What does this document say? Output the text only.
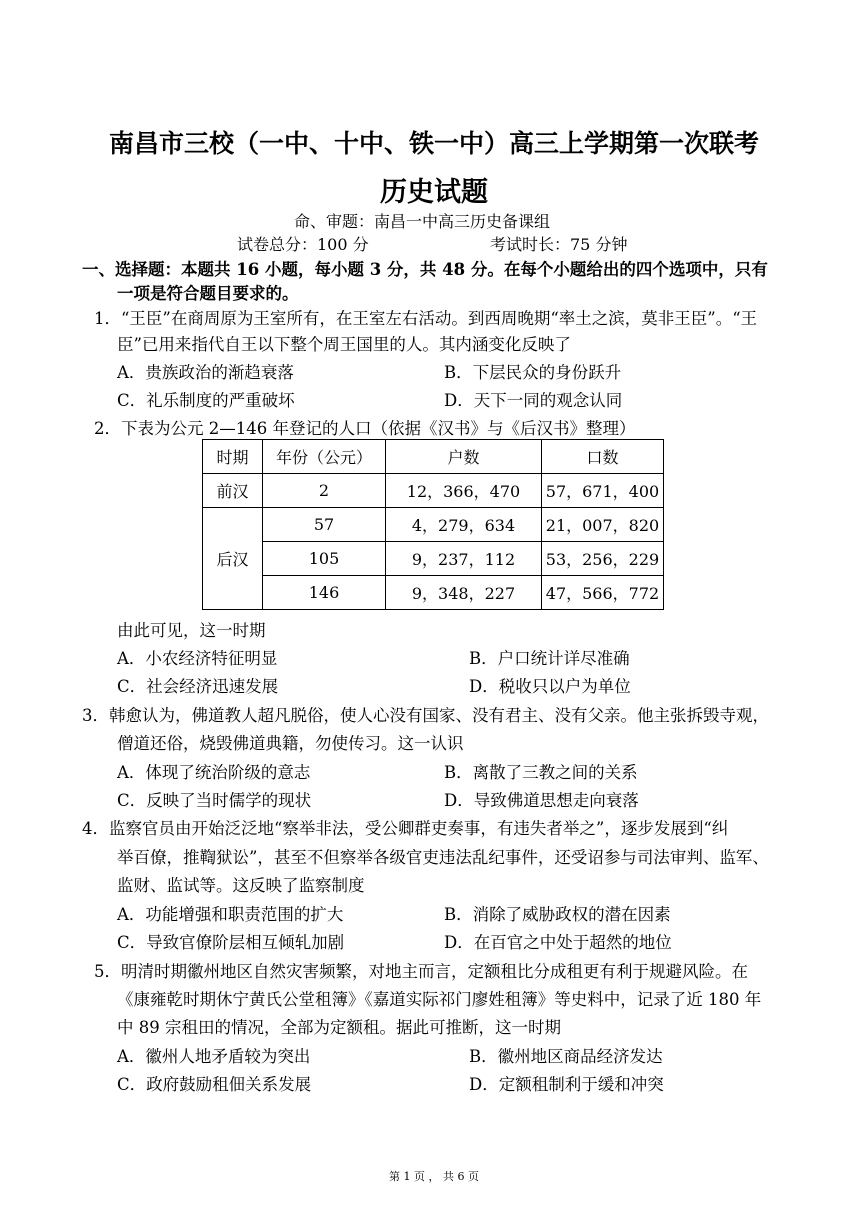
南昌市三校（一中、十中、铁一中）高三上学期第一次联考
历史试题
命、审题：南昌一中高三历史备课组
试卷总分：100 分	考试时长：75 分钟
一、选择题：本题共 16 小题，每小题 3 分，共 48 分。在每个小题给出的四个选项中，只有
一项是符合题目要求的。
1．“王臣”在商周原为王室所有，在王室左右活动。到西周晚期“率土之滨，莫非王臣”。“王
臣”已用来指代自王以下整个周王国里的人。其内涵变化反映了
A．贵族政治的渐趋衰落	B．下层民众的身份跃升
C．礼乐制度的严重破坏	D．天下一同的观念认同
2．下表为公元 2—146 年登记的人口（依据《汉书》与《后汉书》整理）
时期	年份（公元）	户数	口数
前汉	2	12，366，470	57，671，400
后汉	57	4，279，634	21，007，820
	105	9，237，112	53，256，229
	146	9，348，227	47，566，772
由此可见，这一时期
A．小农经济特征明显	B．户口统计详尽准确
C．社会经济迅速发展	D．税收只以户为单位
3．韩愈认为，佛道教人超凡脱俗，使人心没有国家、没有君主、没有父亲。他主张拆毁寺观，
僧道还俗，烧毁佛道典籍，勿使传习。这一认识
A．体现了统治阶级的意志	B．离散了三教之间的关系
C．反映了当时儒学的现状	D．导致佛道思想走向衰落
4．监察官员由开始泛泛地“察举非法，受公卿群吏奏事，有违失者举之”，逐步发展到“纠
举百僚，推鞫狱讼”，甚至不但察举各级官吏违法乱纪事件，还受诏参与司法审判、监军、
监财、监试等。这反映了监察制度
A．功能增强和职责范围的扩大	B．消除了威胁政权的潜在因素
C．导致官僚阶层相互倾轧加剧	D．在百官之中处于超然的地位
5．明清时期徽州地区自然灾害频繁，对地主而言，定额租比分成租更有利于规避风险。在
《康雍乾时期休宁黄氏公堂租簿》《嘉道实际祁门廖姓租簿》等史料中，记录了近 180 年
中 89 宗租田的情况，全部为定额租。据此可推断，这一时期
A．徽州人地矛盾较为突出	B．徽州地区商品经济发达
C．政府鼓励租佃关系发展	D．定额租制利于缓和冲突
第 1 页 ， 共 6 页
